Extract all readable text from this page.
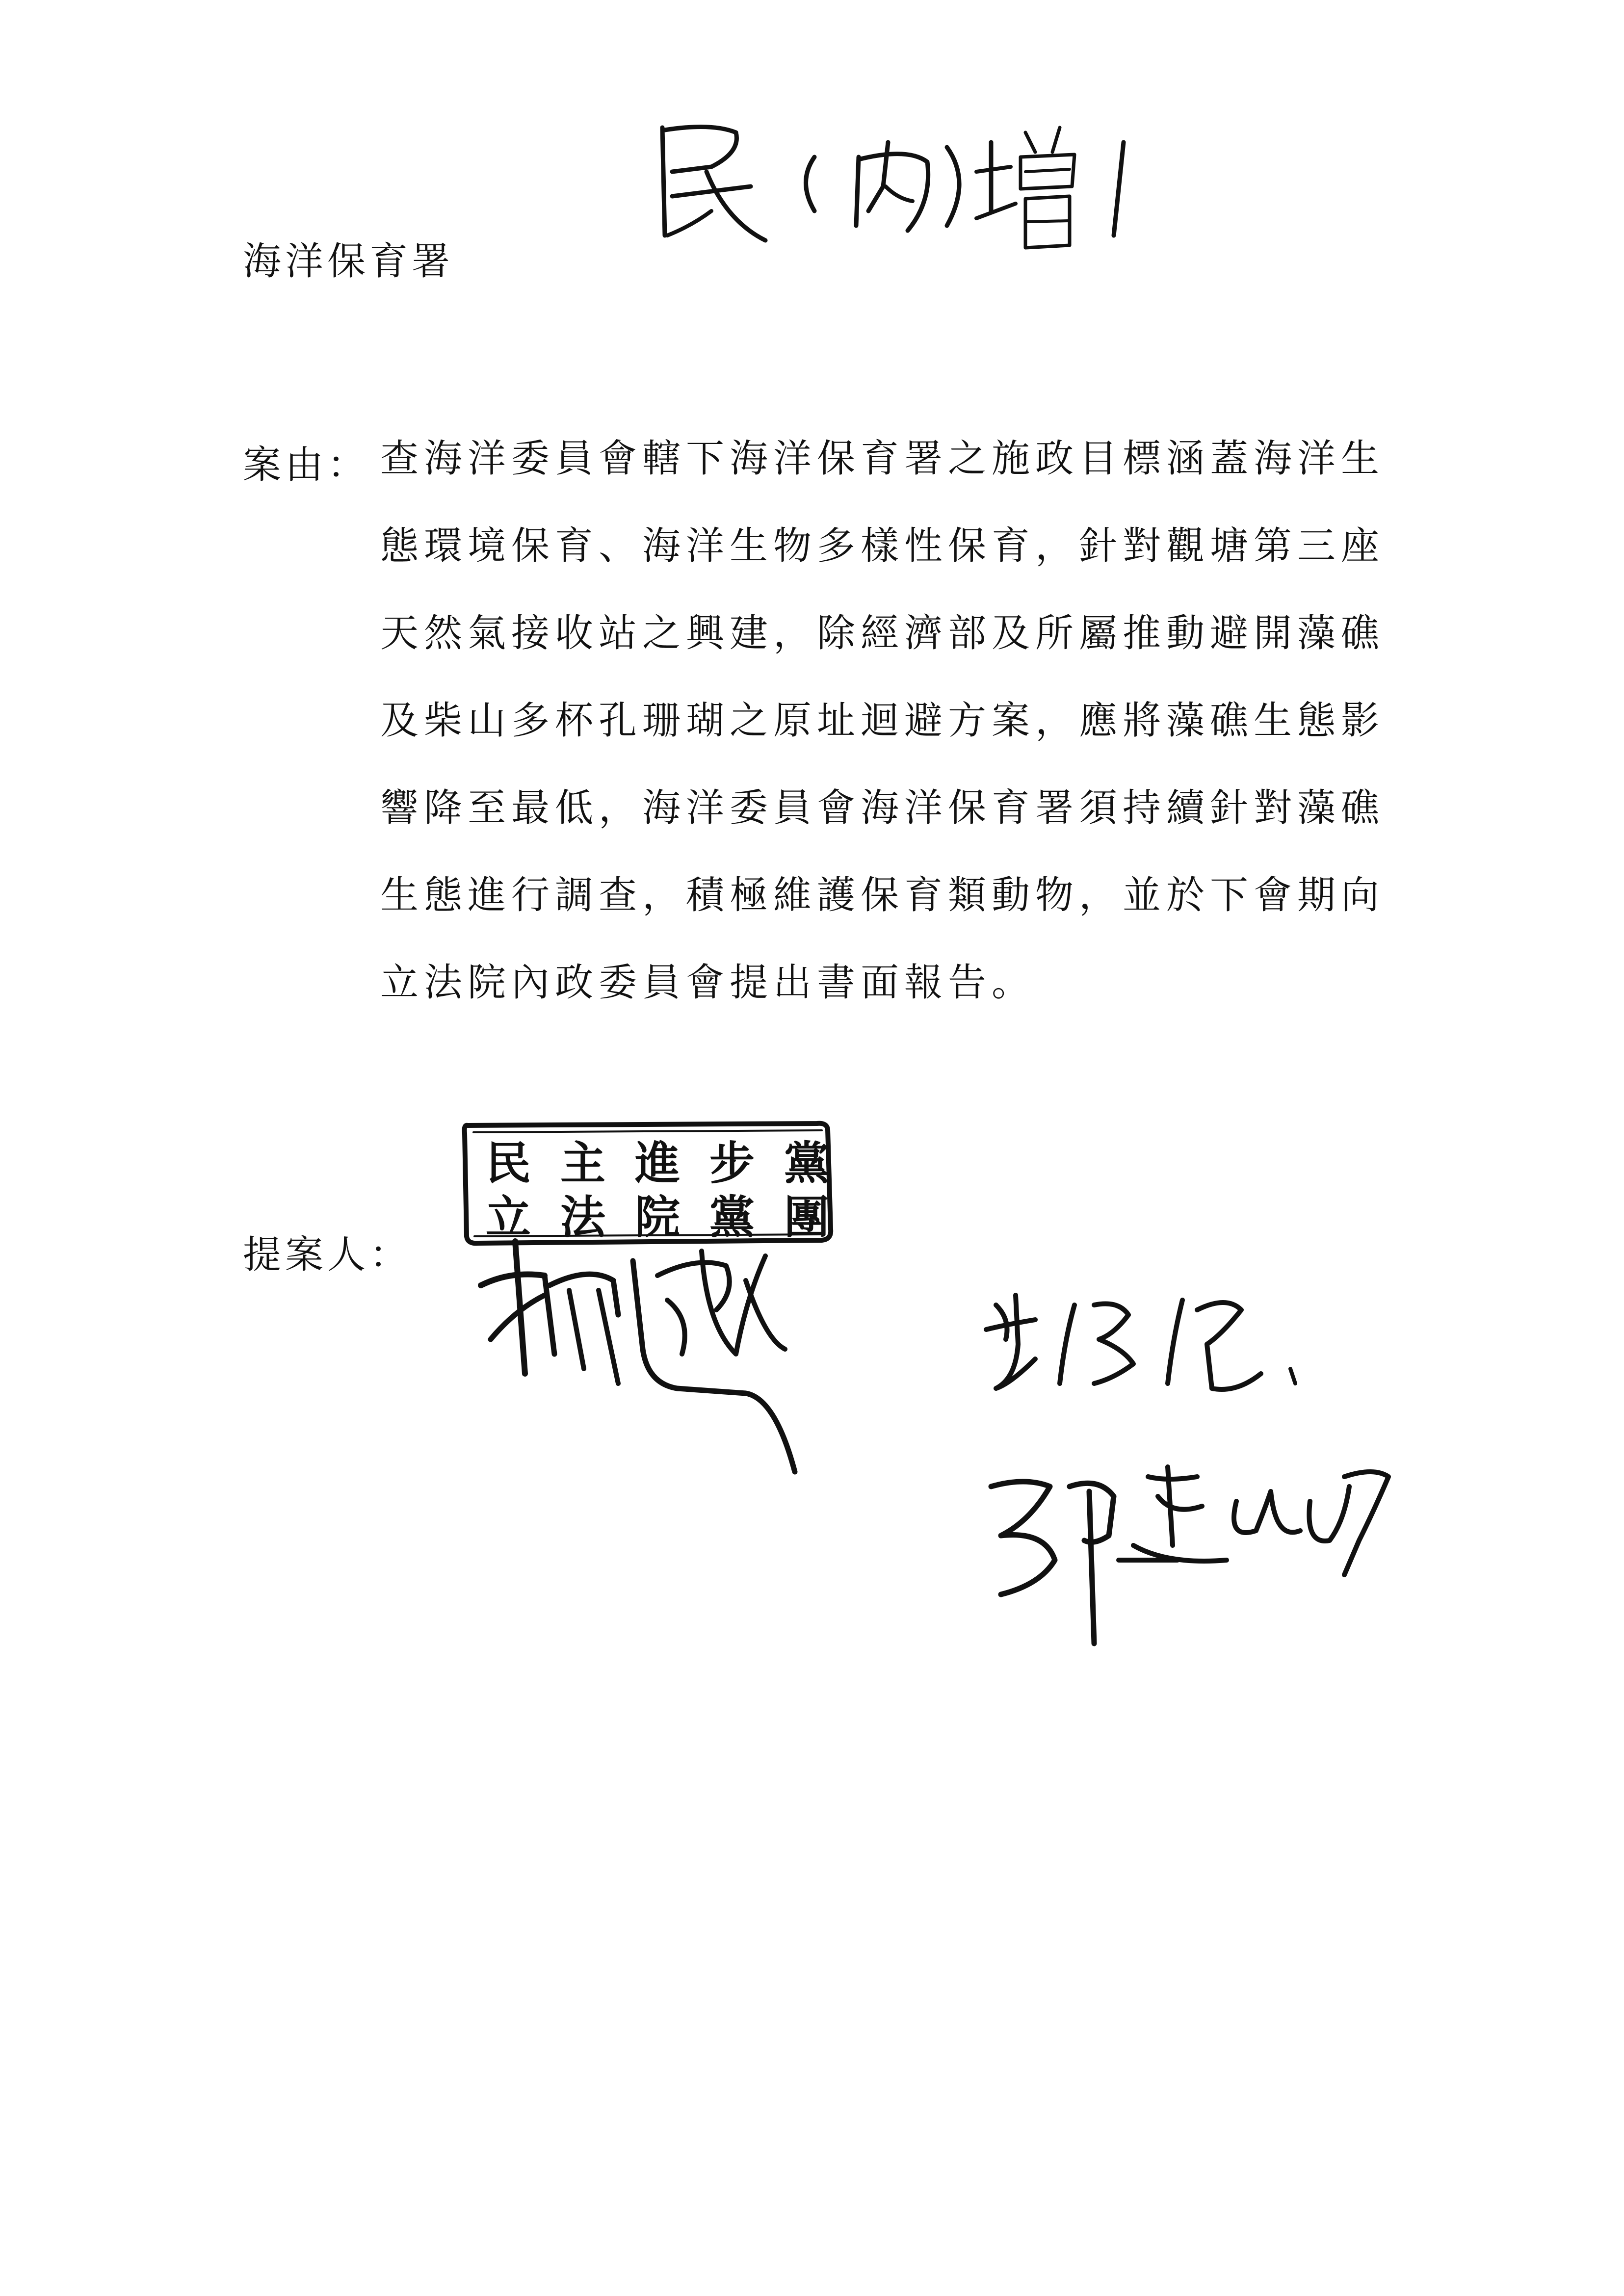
海洋保育署
案由： 查海洋委員會轄下海洋保育署之施政目標涵蓋海洋生
態環境保育、海洋生物多樣性保育，針對觀塘第三座
天然氣接收站之興建，除經濟部及所屬推動避開藻礁
及柴山多杯孔珊瑚之原址迴避方案，應將藻礁生態影
響降至最低，海洋委員會海洋保育署須持續針對藻礁
生態進行調查，積極維護保育類動物，並於下會期向
立法院內政委員會提出書面報告。
民主進步黨
立法院黨團
提案人：
